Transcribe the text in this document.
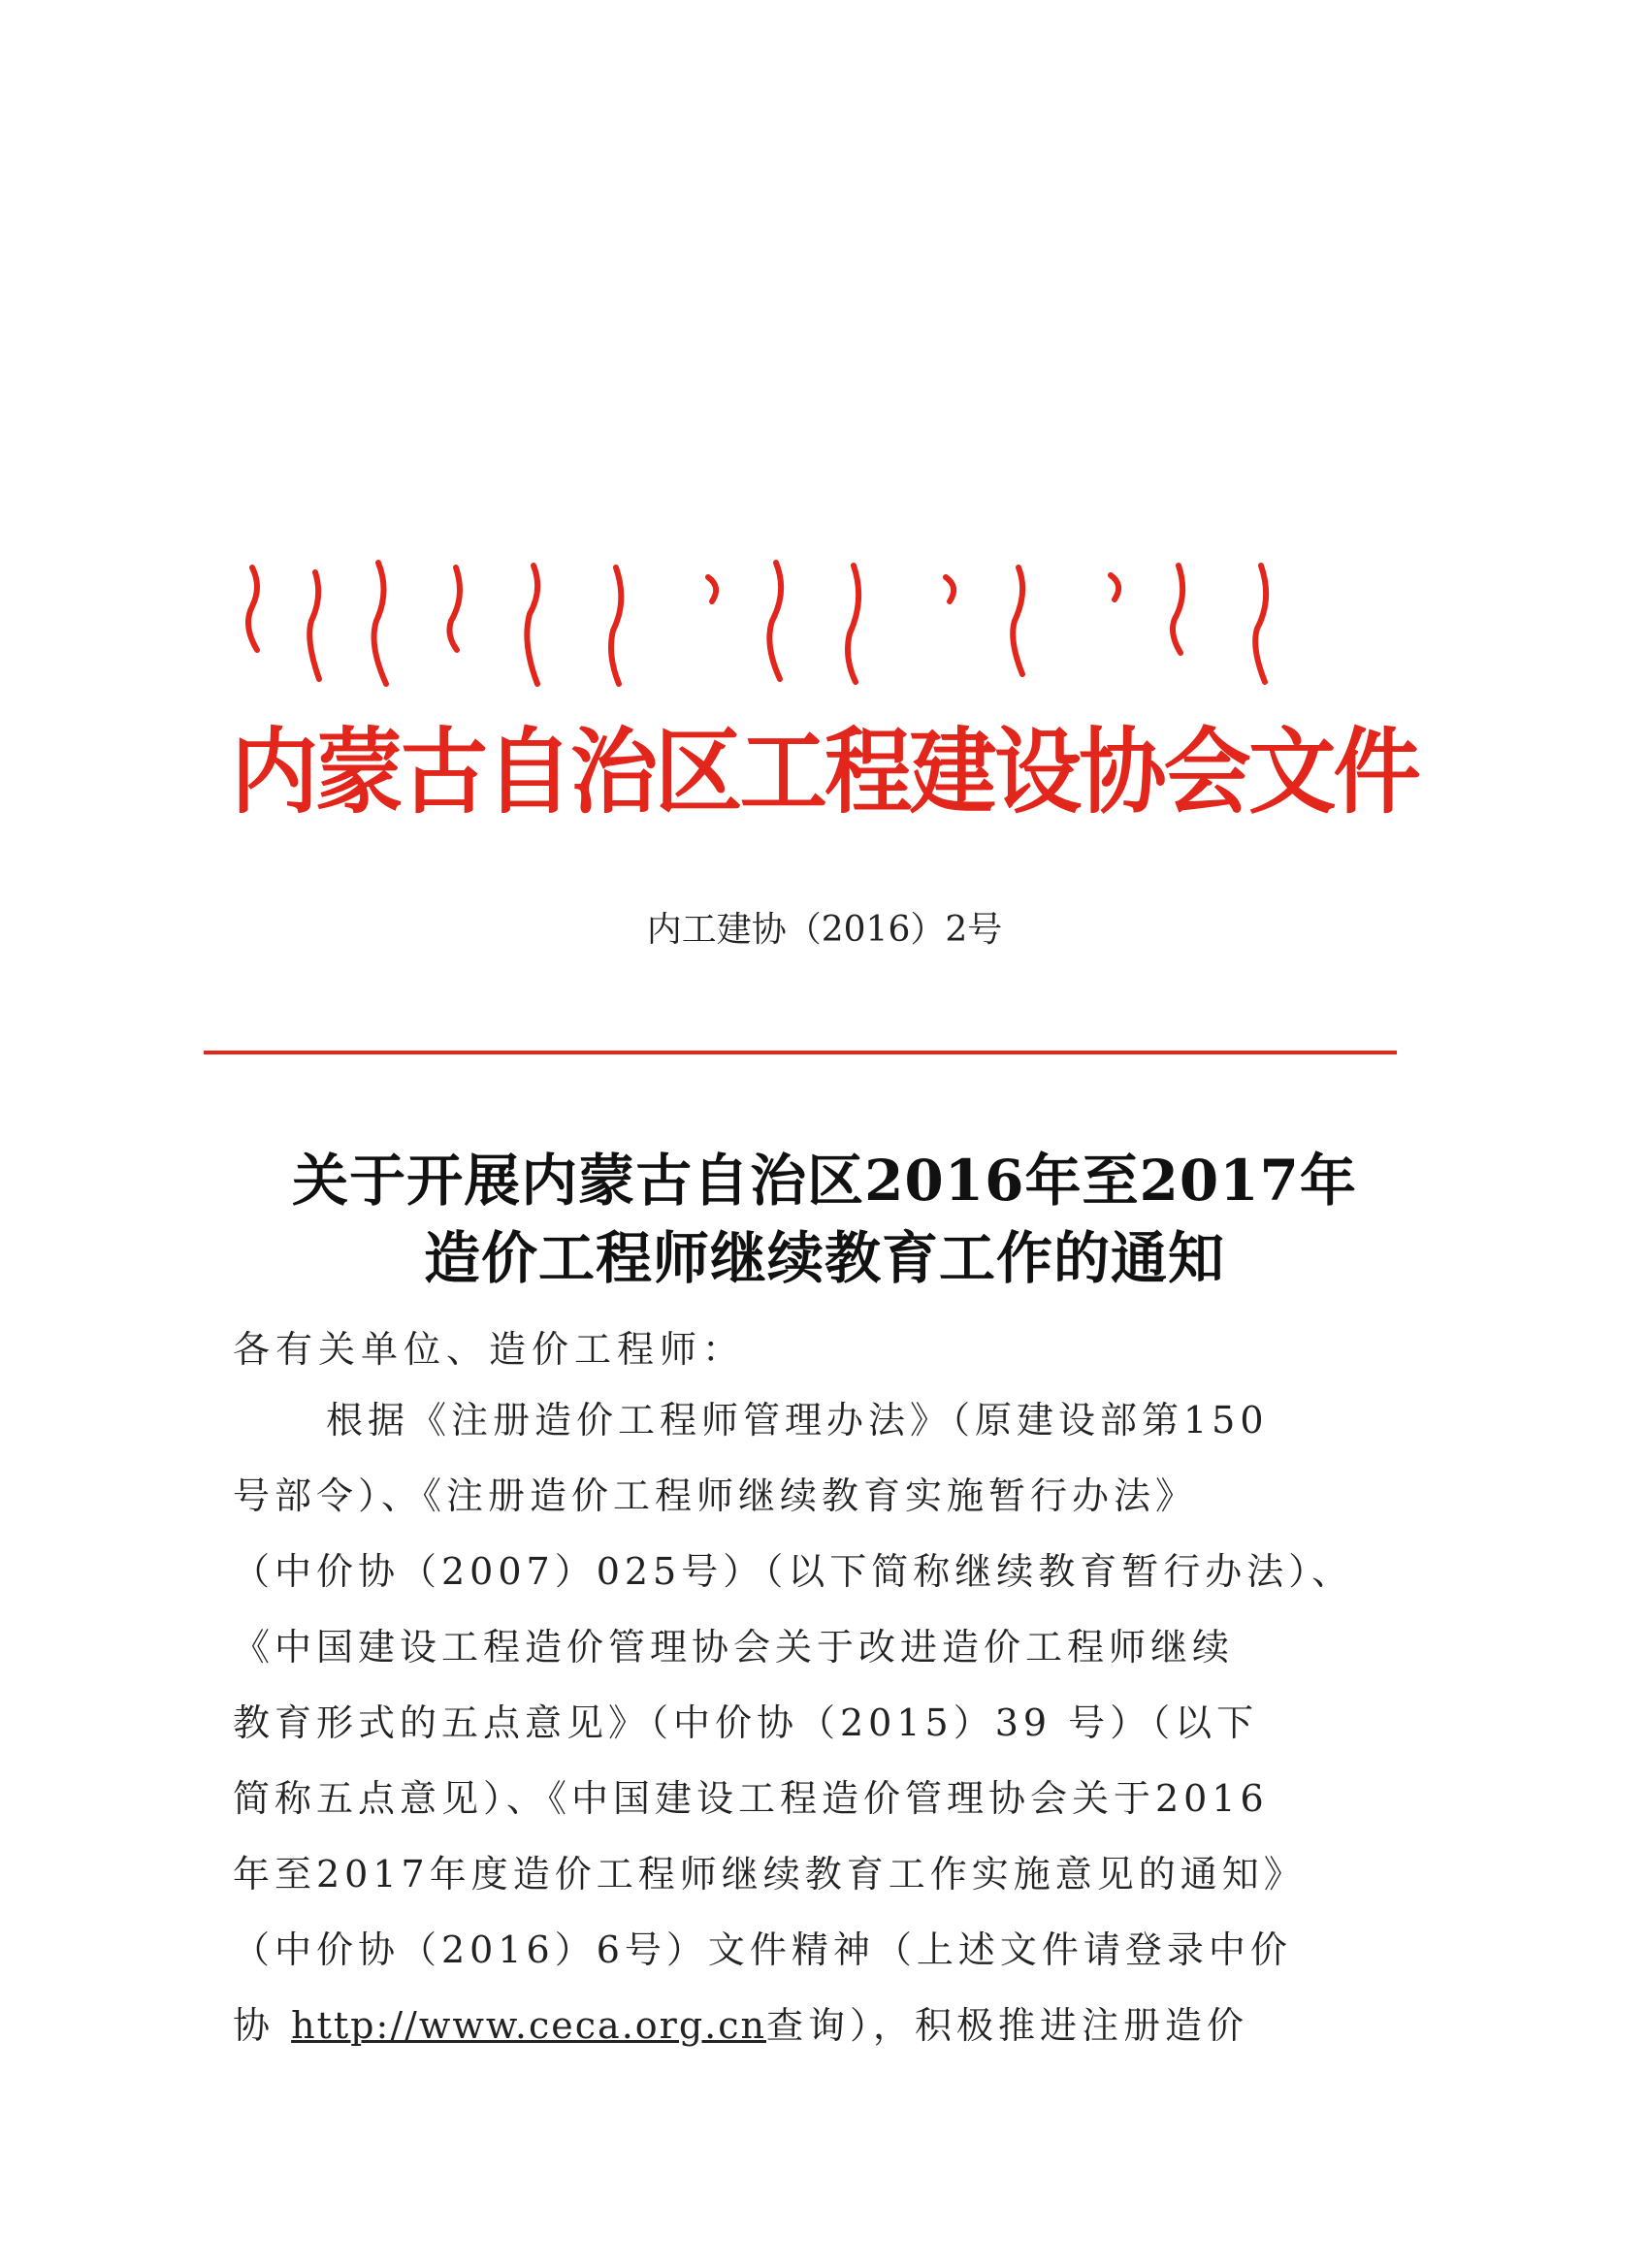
内蒙古自治区工程建设协会文件
内工建协（2016）2号
关于开展内蒙古自治区2016年至2017年
造价工程师继续教育工作的通知
各有关单位、造价工程师：
根据《注册造价工程师管理办法》（原建设部第150
号部令）、《注册造价工程师继续教育实施暂行办法》
（中价协（2007）025号）（以下简称继续教育暂行办法）、
《中国建设工程造价管理协会关于改进造价工程师继续
教育形式的五点意见》（中价协（2015）39 号）（以下
简称五点意见）、《中国建设工程造价管理协会关于2016
年至2017年度造价工程师继续教育工作实施意见的通知》
（中价协（2016）6号）文件精神（上述文件请登录中价
协 http://www.ceca.org.cn查询），积极推进注册造价
